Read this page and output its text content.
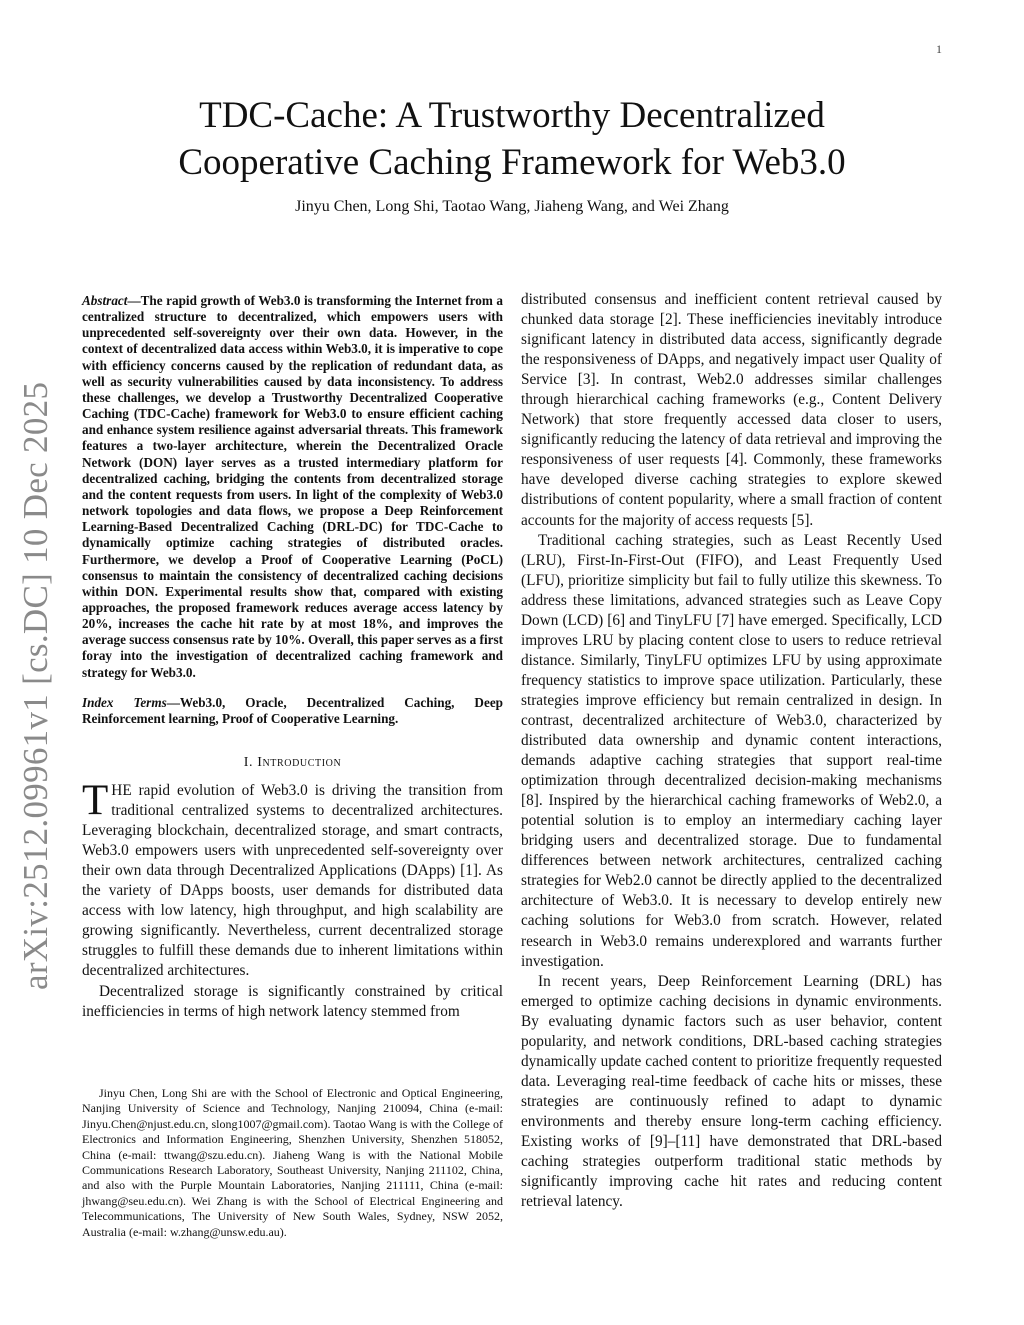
1
arXiv:2512.09961v1 [cs.DC] 10 Dec 2025
TDC-Cache: A Trustworthy Decentralized
Cooperative Caching Framework for Web3.0
Jinyu Chen, Long Shi, Taotao Wang, Jiaheng Wang, and Wei Zhang

Abstract—The rapid growth of Web3.0 is transforming the Internet from a centralized structure to decentralized, which empowers users with unprecedented self-sovereignty over their own data. However, in the context of decentralized data access within Web3.0, it is imperative to cope with efficiency concerns caused by the replication of redundant data, as well as security vulnerabilities caused by data inconsistency. To address these challenges, we develop a Trustworthy Decentralized Cooperative Caching (TDC-Cache) framework for Web3.0 to ensure efficient caching and enhance system resilience against adversarial threats. This framework features a two-layer architecture, wherein the Decentralized Oracle Network (DON) layer serves as a trusted intermediary platform for decentralized caching, bridging the contents from decentralized storage and the content requests from users. In light of the complexity of Web3.0 network topologies and data flows, we propose a Deep Reinforcement Learning-Based Decentralized Caching (DRL-DC) for TDC-Cache to dynamically optimize caching strategies of distributed oracles. Furthermore, we develop a Proof of Cooperative Learning (PoCL) consensus to maintain the consistency of decentralized caching decisions within DON. Experimental results show that, compared with existing approaches, the proposed framework reduces average access latency by 20%, increases the cache hit rate by at most 18%, and improves the average success consensus rate by 10%. Overall, this paper serves as a first foray into the investigation of decentralized caching framework and strategy for Web3.0.

Index Terms—Web3.0, Oracle, Decentralized Caching, Deep Reinforcement learning, Proof of Cooperative Learning.

I. Introduction

THE rapid evolution of Web3.0 is driving the transition from traditional centralized systems to decentralized architectures. Leveraging blockchain, decentralized storage, and smart contracts, Web3.0 empowers users with unprecedented self-sovereignty over their own data through Decentralized Applications (DApps) [1]. As the variety of DApps boosts, user demands for distributed data access with low latency, high throughput, and high scalability are growing significantly. Nevertheless, current decentralized storage struggles to fulfill these demands due to inherent limitations within decentralized architectures.

Decentralized storage is significantly constrained by critical inefficiencies in terms of high network latency stemmed from

Jinyu Chen, Long Shi are with the School of Electronic and Optical Engineering, Nanjing University of Science and Technology, Nanjing 210094, China (e-mail: Jinyu.Chen@njust.edu.cn, slong1007@gmail.com). Taotao Wang is with the College of Electronics and Information Engineering, Shenzhen University, Shenzhen 518052, China (e-mail: ttwang@szu.edu.cn). Jiaheng Wang is with the National Mobile Communications Research Laboratory, Southeast University, Nanjing 211102, China, and also with the Purple Mountain Laboratories, Nanjing 211111, China (e-mail: jhwang@seu.edu.cn). Wei Zhang is with the School of Electrical Engineering and Telecommunications, The University of New South Wales, Sydney, NSW 2052, Australia (e-mail: w.zhang@unsw.edu.au).

distributed consensus and inefficient content retrieval caused by chunked data storage [2]. These inefficiencies inevitably introduce significant latency in distributed data access, significantly degrade the responsiveness of DApps, and negatively impact user Quality of Service [3]. In contrast, Web2.0 addresses similar challenges through hierarchical caching frameworks (e.g., Content Delivery Network) that store frequently accessed data closer to users, significantly reducing the latency of data retrieval and improving the responsiveness of user requests [4]. Commonly, these frameworks have developed diverse caching strategies to explore skewed distributions of content popularity, where a small fraction of content accounts for the majority of access requests [5].

Traditional caching strategies, such as Least Recently Used (LRU), First-In-First-Out (FIFO), and Least Frequently Used (LFU), prioritize simplicity but fail to fully utilize this skewness. To address these limitations, advanced strategies such as Leave Copy Down (LCD) [6] and TinyLFU [7] have emerged. Specifically, LCD improves LRU by placing content close to users to reduce retrieval distance. Similarly, TinyLFU optimizes LFU by using approximate frequency statistics to improve space utilization. Particularly, these strategies improve efficiency but remain centralized in design. In contrast, decentralized architecture of Web3.0, characterized by distributed data ownership and dynamic content interactions, demands adaptive caching strategies that support real-time optimization through decentralized decision-making mechanisms [8]. Inspired by the hierarchical caching frameworks of Web2.0, a potential solution is to employ an intermediary caching layer bridging users and decentralized storage. Due to fundamental differences between network architectures, centralized caching strategies for Web2.0 cannot be directly applied to the decentralized architecture of Web3.0. It is necessary to develop entirely new caching solutions for Web3.0 from scratch. However, related research in Web3.0 remains underexplored and warrants further investigation.

In recent years, Deep Reinforcement Learning (DRL) has emerged to optimize caching decisions in dynamic environments. By evaluating dynamic factors such as user behavior, content popularity, and network conditions, DRL-based caching strategies dynamically update cached content to prioritize frequently requested data. Leveraging real-time feedback of cache hits or misses, these strategies are continuously refined to adapt to dynamic environments and thereby ensure long-term caching efficiency. Existing works of [9]–[11] have demonstrated that DRL-based caching strategies outperform traditional static methods by significantly improving cache hit rates and reducing content retrieval latency.
